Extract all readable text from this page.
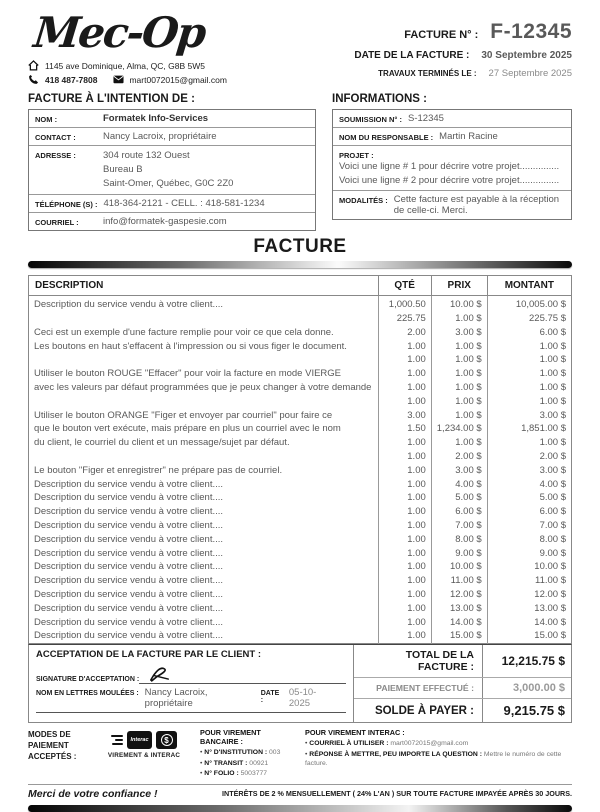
Mec-Op
1145 ave Dominique, Alma, QC, G8B 5W5
418 487-7808	mart0072015@gmail.com
FACTURE N° : F-12345
DATE DE LA FACTURE : 30 Septembre 2025
TRAVAUX TERMINÉS LE : 27 Septembre 2025
FACTURE À L'INTENTION DE :
NOM :	Formatek Info-Services
CONTACT :	Nancy Lacroix, propriétaire
ADRESSE :	304 route 132 Ouest
Bureau B
Saint-Omer, Québec, G0C 2Z0
TÉLÉPHONE (S) : 418-364-2121 - CELL. : 418-581-1234
COURRIEL :	info@formatek-gaspesie.com
INFORMATIONS :
SOUMISSION N° : S-12345
NOM DU RESPONSABLE : Martin Racine
PROJET :
Voici une ligne # 1 pour décrire votre projet...............
Voici une ligne # 2 pour décrire votre projet...............
MODALITÉS : Cette facture est payable à la réception de celle-ci. Merci.
FACTURE
DESCRIPTION	QTÉ	PRIX	MONTANT
Description du service vendu à votre client....	1,000.50	10.00 $	10,005.00 $
	225.75	1.00 $	225.75 $
Ceci est un exemple d'une facture remplie pour voir ce que cela donne.	2.00	3.00 $	6.00 $
Les boutons en haut s'effacent à l'impression ou si vous figer le document.	1.00	1.00 $	1.00 $
	1.00	1.00 $	1.00 $
Utiliser le bouton ROUGE "Effacer" pour voir la facture en mode VIERGE	1.00	1.00 $	1.00 $
avec les valeurs par défaut programmées que je peux changer à votre demande	1.00	1.00 $	1.00 $
	1.00	1.00 $	1.00 $
Utiliser le bouton ORANGE "Figer et envoyer par courriel" pour faire ce	3.00	1.00 $	3.00 $
que le bouton vert exécute, mais prépare en plus un courriel avec le nom	1.50	1,234.00 $	1,851.00 $
du client, le courriel du client et un message/sujet par défaut.	1.00	1.00 $	1.00 $
	1.00	2.00 $	2.00 $
Le bouton "Figer et enregistrer" ne prépare pas de courriel.	1.00	3.00 $	3.00 $
Description du service vendu à votre client....	1.00	4.00 $	4.00 $
Description du service vendu à votre client....	1.00	5.00 $	5.00 $
Description du service vendu à votre client....	1.00	6.00 $	6.00 $
Description du service vendu à votre client....	1.00	7.00 $	7.00 $
Description du service vendu à votre client....	1.00	8.00 $	8.00 $
Description du service vendu à votre client....	1.00	9.00 $	9.00 $
Description du service vendu à votre client....	1.00	10.00 $	10.00 $
Description du service vendu à votre client....	1.00	11.00 $	11.00 $
Description du service vendu à votre client....	1.00	12.00 $	12.00 $
Description du service vendu à votre client....	1.00	13.00 $	13.00 $
Description du service vendu à votre client....	1.00	14.00 $	14.00 $
Description du service vendu à votre client....	1.00	15.00 $	15.00 $
ACCEPTATION DE LA FACTURE PAR LE CLIENT :
SIGNATURE D'ACCEPTATION :
NOM EN LETTRES MOULÉES : Nancy Lacroix, propriétaire
DATE :
05-10-2025
TOTAL DE LA FACTURE :	12,215.75 $
PAIEMENT EFFECTUÉ :	3,000.00 $
SOLDE À PAYER :	9,215.75 $
MODES DE PAIEMENT ACCEPTÉS :
Interac	$
VIREMENT & INTERAC
POUR VIREMENT BANCAIRE :
• N° D'INSTITUTION : 003
• N° TRANSIT : 00921
• N° FOLIO : 5003777
POUR VIREMENT INTERAC :
• COURRIEL À UTILISER : mart0072015@gmail.com
• RÉPONSE À METTRE, PEU IMPORTE LA QUESTION : Mettre le numéro de cette facture.
Merci de votre confiance !	INTÉRÊTS DE 2 % MENSUELLEMENT ( 24% L'AN ) SUR TOUTE FACTURE IMPAYÉE APRÈS 30 JOURS.
